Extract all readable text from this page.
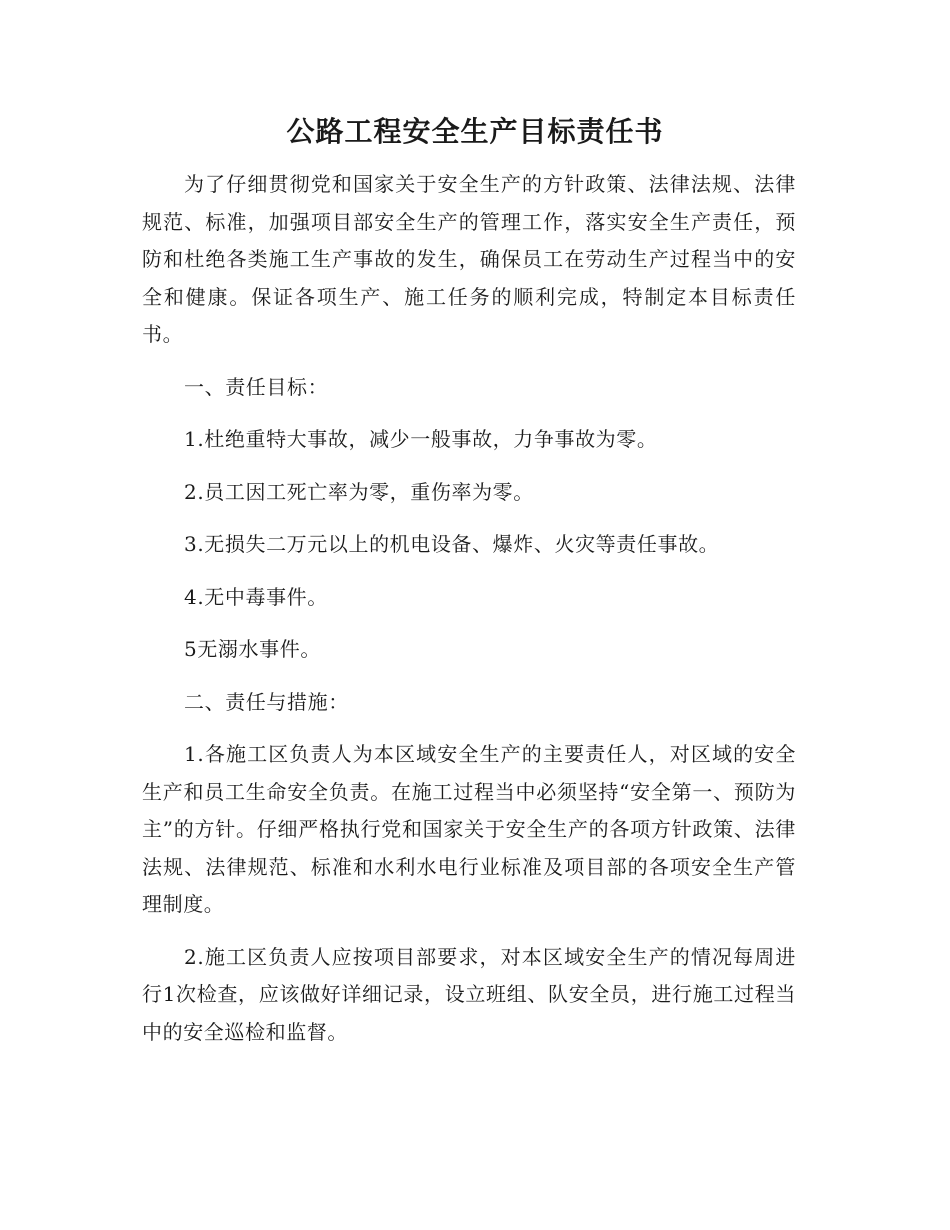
公路工程安全生产目标责任书

为了仔细贯彻党和国家关于安全生产的方针政策、法律法规、法律规范、标准，加强项目部安全生产的管理工作，落实安全生产责任，预防和杜绝各类施工生产事故的发生，确保员工在劳动生产过程当中的安全和健康。保证各项生产、施工任务的顺利完成，特制定本目标责任书。

一、责任目标：

1.杜绝重特大事故，减少一般事故，力争事故为零。

2.员工因工死亡率为零，重伤率为零。

3.无损失二万元以上的机电设备、爆炸、火灾等责任事故。

4.无中毒事件。

5无溺水事件。

二、责任与措施：

1.各施工区负责人为本区域安全生产的主要责任人，对区域的安全生产和员工生命安全负责。在施工过程当中必须坚持“安全第一、预防为主”的方针。仔细严格执行党和国家关于安全生产的各项方针政策、法律法规、法律规范、标准和水利水电行业标准及项目部的各项安全生产管理制度。

2.施工区负责人应按项目部要求，对本区域安全生产的情况每周进行1次检查，应该做好详细记录，设立班组、队安全员，进行施工过程当中的安全巡检和监督。
